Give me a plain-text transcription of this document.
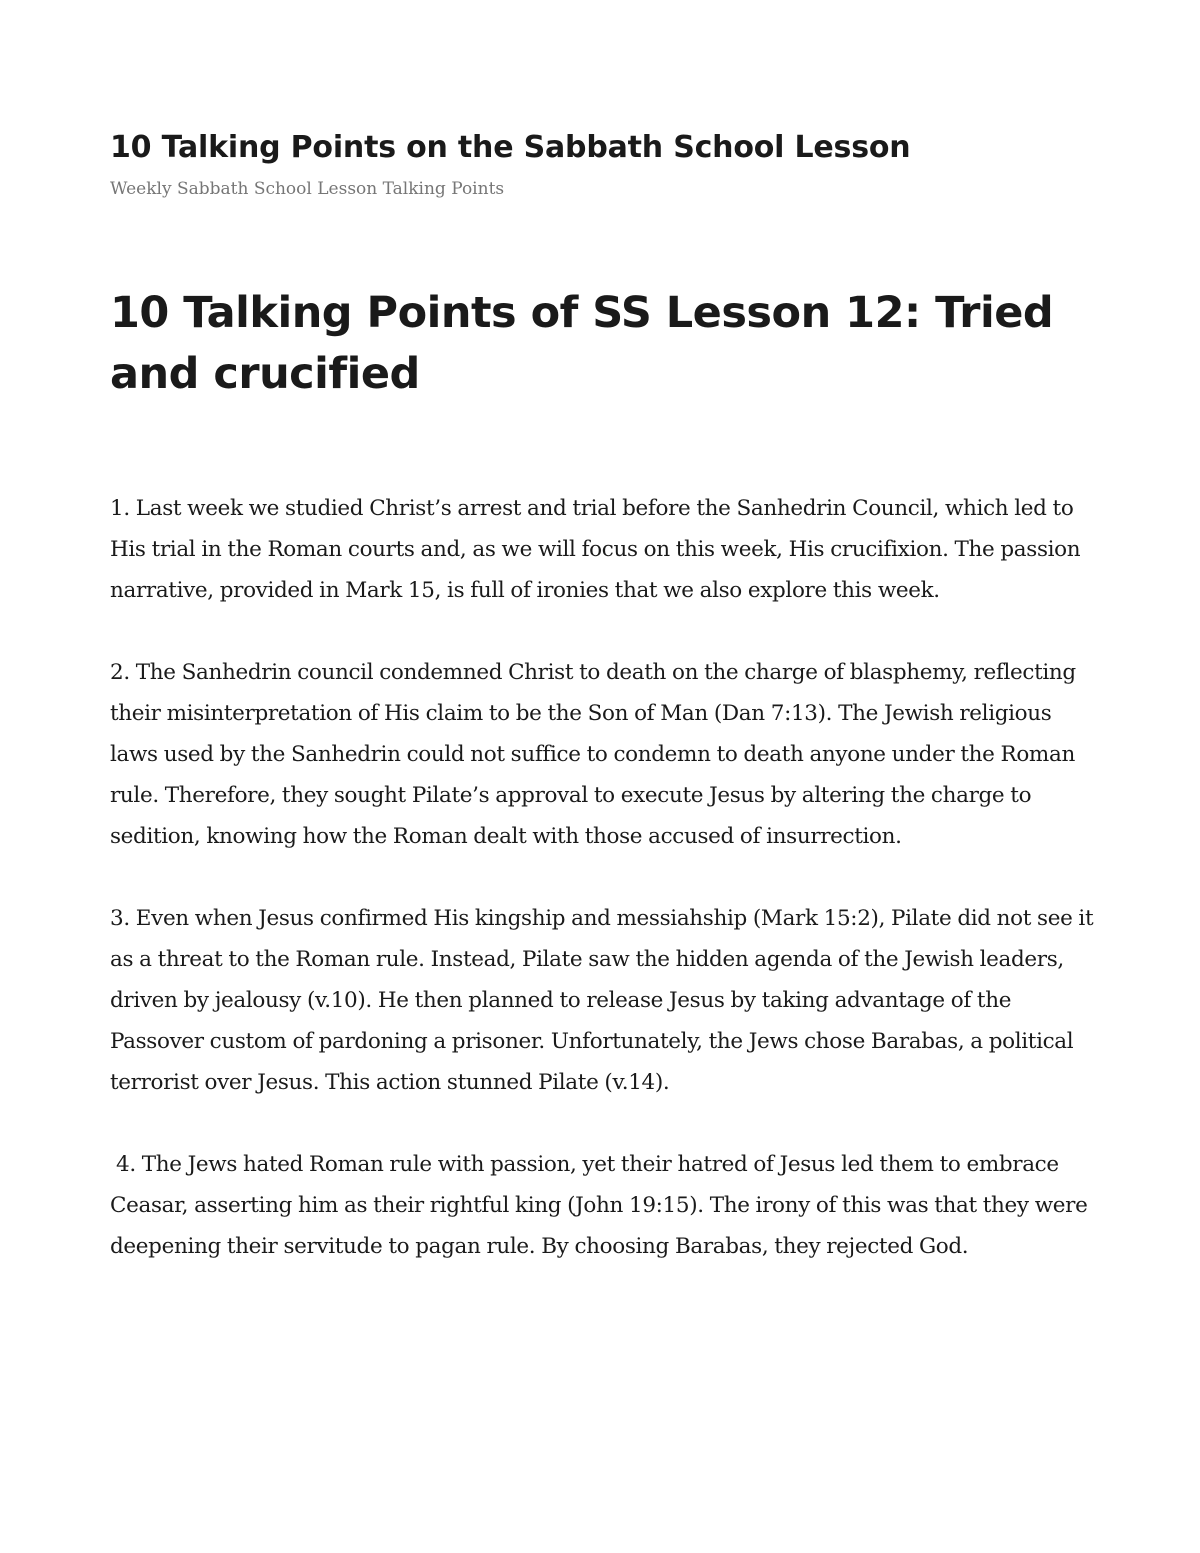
10 Talking Points on the Sabbath School Lesson

Weekly Sabbath School Lesson Talking Points

10 Talking Points of SS Lesson 12: Tried and crucified

1. Last week we studied Christ’s arrest and trial before the Sanhedrin Council, which led to His trial in the Roman courts and, as we will focus on this week, His crucifixion. The passion narrative, provided in Mark 15, is full of ironies that we also explore this week.

2. The Sanhedrin council condemned Christ to death on the charge of blasphemy, reflecting their misinterpretation of His claim to be the Son of Man (Dan 7:13). The Jewish religious laws used by the Sanhedrin could not suffice to condemn to death anyone under the Roman rule. Therefore, they sought Pilate’s approval to execute Jesus by altering the charge to sedition, knowing how the Roman dealt with those accused of insurrection.

3. Even when Jesus confirmed His kingship and messiahship (Mark 15:2), Pilate did not see it as a threat to the Roman rule. Instead, Pilate saw the hidden agenda of the Jewish leaders, driven by jealousy (v.10). He then planned to release Jesus by taking advantage of the Passover custom of pardoning a prisoner. Unfortunately, the Jews chose Barabas, a political terrorist over Jesus. This action stunned Pilate (v.14).

4. The Jews hated Roman rule with passion, yet their hatred of Jesus led them to embrace Ceasar, asserting him as their rightful king (John 19:15). The irony of this was that they were deepening their servitude to pagan rule. By choosing Barabas, they rejected God.
